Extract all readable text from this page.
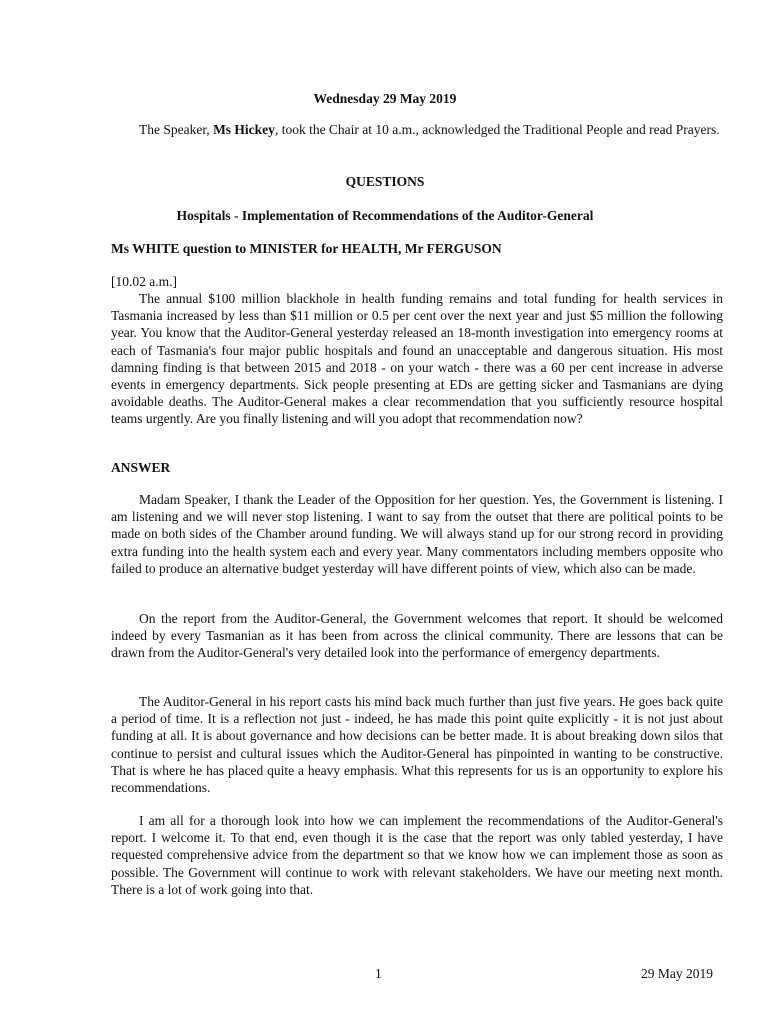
Wednesday 29 May 2019

The Speaker, Ms Hickey, took the Chair at 10 a.m., acknowledged the Traditional People and read Prayers.

QUESTIONS
Hospitals - Implementation of Recommendations of the Auditor-General
Ms WHITE question to MINISTER for HEALTH, Mr FERGUSON
[10.02 a.m.]

The annual $100 million blackhole in health funding remains and total funding for health services in Tasmania increased by less than $11 million or 0.5 per cent over the next year and just $5 million the following year. You know that the Auditor-General yesterday released an 18-month investigation into emergency rooms at each of Tasmania's four major public hospitals and found an unacceptable and dangerous situation. His most damning finding is that between 2015 and 2018 - on your watch - there was a 60 per cent increase in adverse events in emergency departments. Sick people presenting at EDs are getting sicker and Tasmanians are dying avoidable deaths. The Auditor-General makes a clear recommendation that you sufficiently resource hospital teams urgently. Are you finally listening and will you adopt that recommendation now?

ANSWER

Madam Speaker, I thank the Leader of the Opposition for her question. Yes, the Government is listening. I am listening and we will never stop listening. I want to say from the outset that there are political points to be made on both sides of the Chamber around funding. We will always stand up for our strong record in providing extra funding into the health system each and every year. Many commentators including members opposite who failed to produce an alternative budget yesterday will have different points of view, which also can be made.

On the report from the Auditor-General, the Government welcomes that report. It should be welcomed indeed by every Tasmanian as it has been from across the clinical community. There are lessons that can be drawn from the Auditor-General's very detailed look into the performance of emergency departments.

The Auditor-General in his report casts his mind back much further than just five years. He goes back quite a period of time. It is a reflection not just - indeed, he has made this point quite explicitly - it is not just about funding at all. It is about governance and how decisions can be better made. It is about breaking down silos that continue to persist and cultural issues which the Auditor-General has pinpointed in wanting to be constructive. That is where he has placed quite a heavy emphasis. What this represents for us is an opportunity to explore his recommendations.

I am all for a thorough look into how we can implement the recommendations of the Auditor-General's report. I welcome it. To that end, even though it is the case that the report was only tabled yesterday, I have requested comprehensive advice from the department so that we know how we can implement those as soon as possible. The Government will continue to work with relevant stakeholders. We have our meeting next month. There is a lot of work going into that.

1	29 May 2019
